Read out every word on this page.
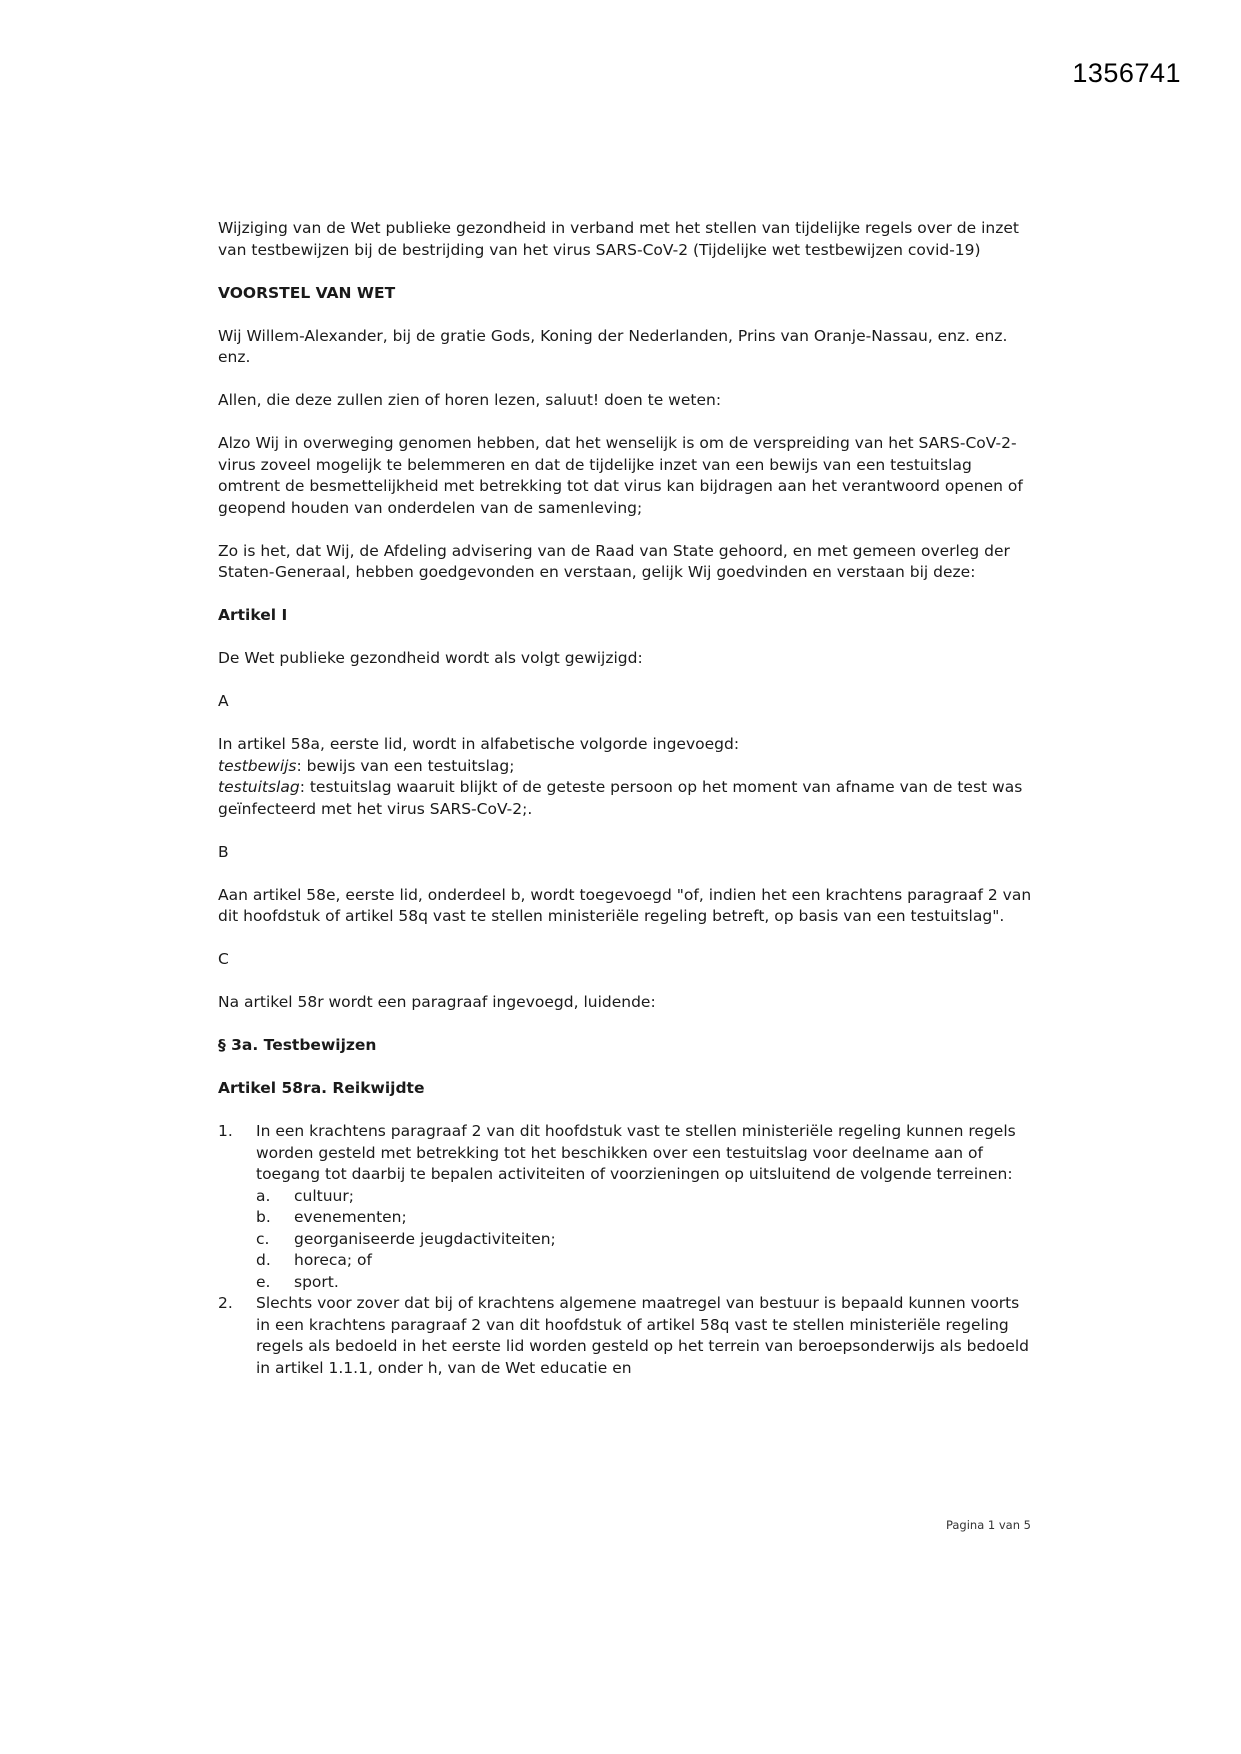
1356741

Wijziging van de Wet publieke gezondheid in verband met het stellen van tijdelijke regels over de inzet van testbewijzen bij de bestrijding van het virus SARS-CoV-2 (Tijdelijke wet testbewijzen covid-19)

VOORSTEL VAN WET

Wij Willem-Alexander, bij de gratie Gods, Koning der Nederlanden, Prins van Oranje-Nassau, enz. enz. enz.

Allen, die deze zullen zien of horen lezen, saluut! doen te weten:

Alzo Wij in overweging genomen hebben, dat het wenselijk is om de verspreiding van het SARS-CoV-2-virus zoveel mogelijk te belemmeren en dat de tijdelijke inzet van een bewijs van een testuitslag omtrent de besmettelijkheid met betrekking tot dat virus kan bijdragen aan het verantwoord openen of geopend houden van onderdelen van de samenleving;

Zo is het, dat Wij, de Afdeling advisering van de Raad van State gehoord, en met gemeen overleg der Staten-Generaal, hebben goedgevonden en verstaan, gelijk Wij goedvinden en verstaan bij deze:

Artikel I

De Wet publieke gezondheid wordt als volgt gewijzigd:

A

In artikel 58a, eerste lid, wordt in alfabetische volgorde ingevoegd:

testbewijs: bewijs van een testuitslag;

testuitslag: testuitslag waaruit blijkt of de geteste persoon op het moment van afname van de test was geïnfecteerd met het virus SARS-CoV-2;.

B

Aan artikel 58e, eerste lid, onderdeel b, wordt toegevoegd "of, indien het een krachtens paragraaf 2 van dit hoofdstuk of artikel 58q vast te stellen ministeriële regeling betreft, op basis van een testuitslag".

C

Na artikel 58r wordt een paragraaf ingevoegd, luidende:

§ 3a. Testbewijzen

Artikel 58ra. Reikwijdte

1. In een krachtens paragraaf 2 van dit hoofdstuk vast te stellen ministeriële regeling kunnen regels worden gesteld met betrekking tot het beschikken over een testuitslag voor deelname aan of toegang tot daarbij te bepalen activiteiten of voorzieningen op uitsluitend de volgende terreinen:
a. cultuur;
b. evenementen;
c. georganiseerde jeugdactiviteiten;
d. horeca; of
e. sport.
2. Slechts voor zover dat bij of krachtens algemene maatregel van bestuur is bepaald kunnen voorts in een krachtens paragraaf 2 van dit hoofdstuk of artikel 58q vast te stellen ministeriële regeling regels als bedoeld in het eerste lid worden gesteld op het terrein van beroepsonderwijs als bedoeld in artikel 1.1.1, onder h, van de Wet educatie en
Pagina 1 van 5
